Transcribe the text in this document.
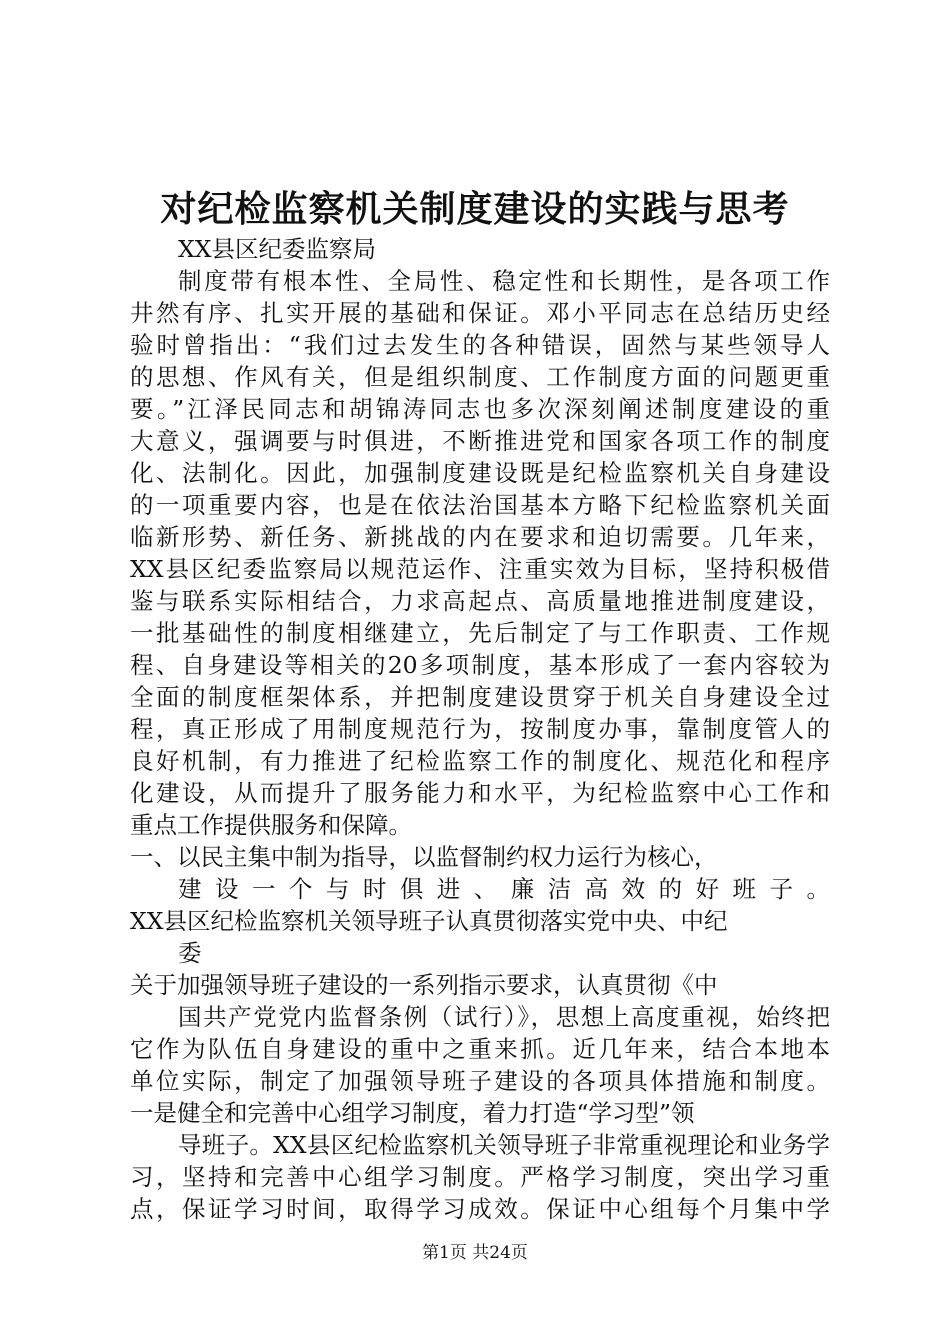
对纪检监察机关制度建设的实践与思考
XX县区纪委监察局
制度带有根本性、全局性、稳定性和长期性，是各项工作
井然有序、扎实开展的基础和保证。邓小平同志在总结历史经
验时曾指出：“我们过去发生的各种错误，固然与某些领导人
的思想、作风有关，但是组织制度、工作制度方面的问题更重
要。”江泽民同志和胡锦涛同志也多次深刻阐述制度建设的重
大意义，强调要与时俱进，不断推进党和国家各项工作的制度
化、法制化。因此，加强制度建设既是纪检监察机关自身建设
的一项重要内容，也是在依法治国基本方略下纪检监察机关面
临新形势、新任务、新挑战的内在要求和迫切需要。几年来，
XX县区纪委监察局以规范运作、注重实效为目标，坚持积极借
鉴与联系实际相结合，力求高起点、高质量地推进制度建设，
一批基础性的制度相继建立，先后制定了与工作职责、工作规
程、自身建设等相关的20多项制度，基本形成了一套内容较为
全面的制度框架体系，并把制度建设贯穿于机关自身建设全过
程，真正形成了用制度规范行为，按制度办事，靠制度管人的
良好机制，有力推进了纪检监察工作的制度化、规范化和程序
化建设，从而提升了服务能力和水平，为纪检监察中心工作和
重点工作提供服务和保障。
一、以民主集中制为指导，以监督制约权力运行为核心，
建设一个与时俱进、廉洁高效的好班子。
XX县区纪检监察机关领导班子认真贯彻落实党中央、中纪
委
关于加强领导班子建设的一系列指示要求，认真贯彻《中
国共产党党内监督条例（试行）》，思想上高度重视，始终把
它作为队伍自身建设的重中之重来抓。近几年来，结合本地本
单位实际，制定了加强领导班子建设的各项具体措施和制度。
一是健全和完善中心组学习制度，着力打造“学习型”领
导班子。XX县区纪检监察机关领导班子非常重视理论和业务学
习，坚持和完善中心组学习制度。严格学习制度，突出学习重
点，保证学习时间，取得学习成效。保证中心组每个月集中学
第1页 共24页
